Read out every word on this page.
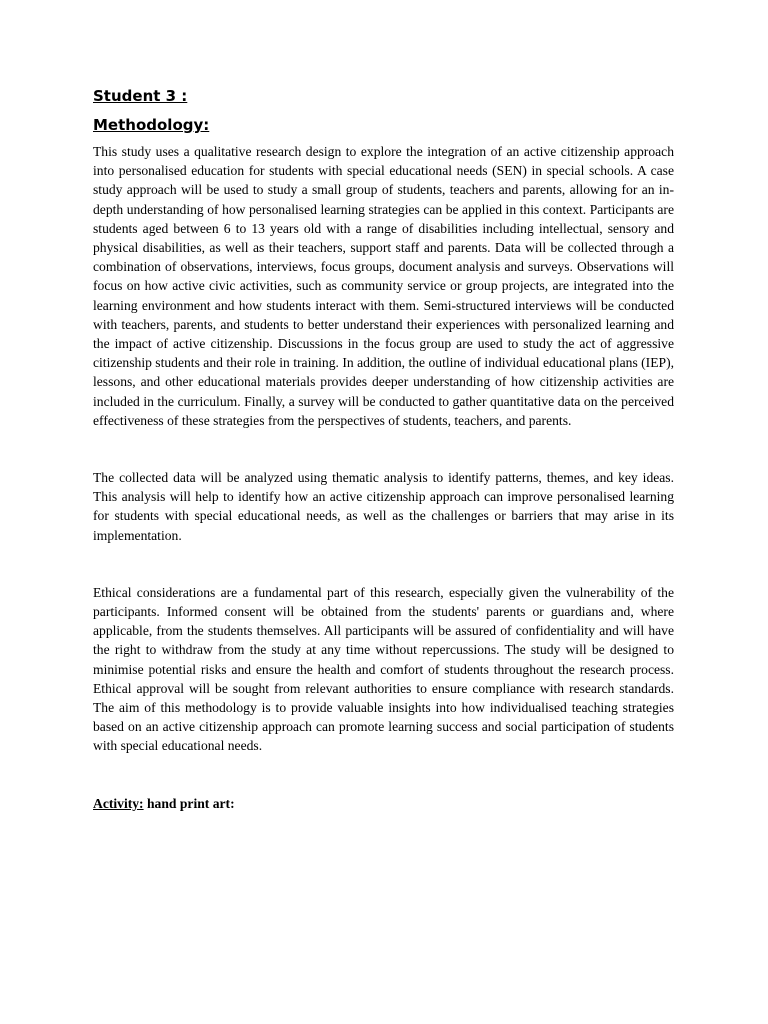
Student 3 :
Methodology:

This study uses a qualitative research design to explore the integration of an active citizenship approach into personalised education for students with special educational needs (SEN) in special schools. A case study approach will be used to study a small group of students, teachers and parents, allowing for an in-depth understanding of how personalised learning strategies can be applied in this context. Participants are students aged between 6 to 13 years old with a range of disabilities including intellectual, sensory and physical disabilities, as well as their teachers, support staff and parents. Data will be collected through a combination of observations, interviews, focus groups, document analysis and surveys. Observations will focus on how active civic activities, such as community service or group projects, are integrated into the learning environment and how students interact with them. Semi-structured interviews will be conducted with teachers, parents, and students to better understand their experiences with personalized learning and the impact of active citizenship. Discussions in the focus group are used to study the act of aggressive citizenship students and their role in training. In addition, the outline of individual educational plans (IEP), lessons, and other educational materials provides deeper understanding of how citizenship activities are included in the curriculum. Finally, a survey will be conducted to gather quantitative data on the perceived effectiveness of these strategies from the perspectives of students, teachers, and parents.

The collected data will be analyzed using thematic analysis to identify patterns, themes, and key ideas. This analysis will help to identify how an active citizenship approach can improve personalised learning for students with special educational needs, as well as the challenges or barriers that may arise in its implementation.

Ethical considerations are a fundamental part of this research, especially given the vulnerability of the participants. Informed consent will be obtained from the students' parents or guardians and, where applicable, from the students themselves. All participants will be assured of confidentiality and will have the right to withdraw from the study at any time without repercussions. The study will be designed to minimise potential risks and ensure the health and comfort of students throughout the research process. Ethical approval will be sought from relevant authorities to ensure compliance with research standards. The aim of this methodology is to provide valuable insights into how individualised teaching strategies based on an active citizenship approach can promote learning success and social participation of students with special educational needs.

Activity: hand print art:
